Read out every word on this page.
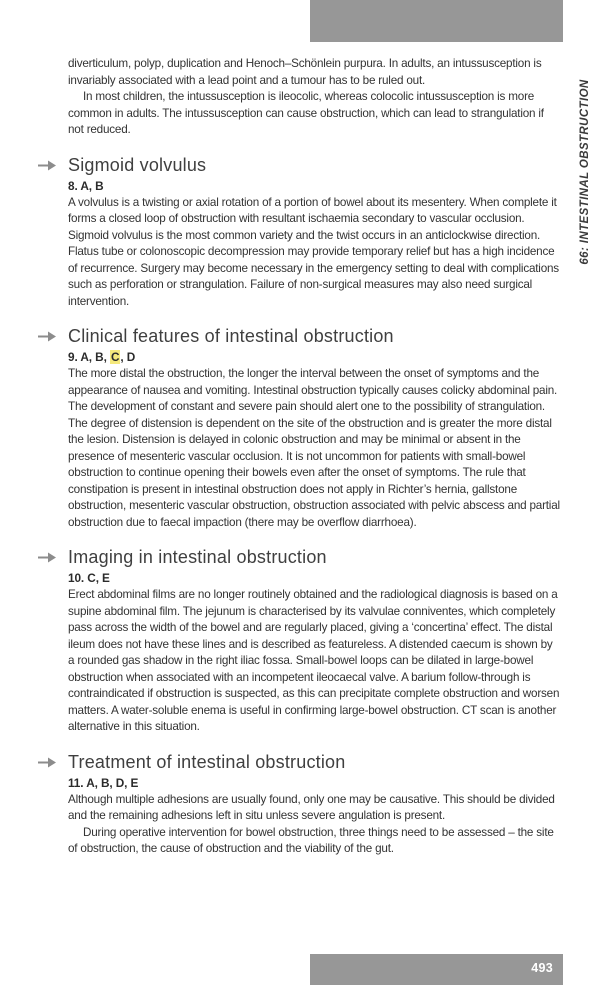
66: INTESTINAL OBSTRUCTION

diverticulum, polyp, duplication and Henoch–Schönlein purpura. In adults, an intussusception is invariably associated with a lead point and a tumour has to be ruled out.

In most children, the intussusception is ileocolic, whereas colocolic intussusception is more common in adults. The intussusception can cause obstruction, which can lead to strangulation if not reduced.

Sigmoid volvulus

8. A, B

A volvulus is a twisting or axial rotation of a portion of bowel about its mesentery. When complete it forms a closed loop of obstruction with resultant ischaemia secondary to vascular occlusion. Sigmoid volvulus is the most common variety and the twist occurs in an anticlockwise direction. Flatus tube or colonoscopic decompression may provide temporary relief but has a high incidence of recurrence. Surgery may become necessary in the emergency setting to deal with complications such as perforation or strangulation. Failure of non-surgical measures may also need surgical intervention.

Clinical features of intestinal obstruction

9. A, B, C, D

The more distal the obstruction, the longer the interval between the onset of symptoms and the appearance of nausea and vomiting. Intestinal obstruction typically causes colicky abdominal pain. The development of constant and severe pain should alert one to the possibility of strangulation. The degree of distension is dependent on the site of the obstruction and is greater the more distal the lesion. Distension is delayed in colonic obstruction and may be minimal or absent in the presence of mesenteric vascular occlusion. It is not uncommon for patients with small-bowel obstruction to continue opening their bowels even after the onset of symptoms. The rule that constipation is present in intestinal obstruction does not apply in Richter’s hernia, gallstone obstruction, mesenteric vascular obstruction, obstruction associated with pelvic abscess and partial obstruction due to faecal impaction (there may be overflow diarrhoea).

Imaging in intestinal obstruction

10. C, E

Erect abdominal films are no longer routinely obtained and the radiological diagnosis is based on a supine abdominal film. The jejunum is characterised by its valvulae conniventes, which completely pass across the width of the bowel and are regularly placed, giving a ‘concertina’ effect. The distal ileum does not have these lines and is described as featureless. A distended caecum is shown by a rounded gas shadow in the right iliac fossa. Small-bowel loops can be dilated in large-bowel obstruction when associated with an incompetent ileocaecal valve. A barium follow-through is contraindicated if obstruction is suspected, as this can precipitate complete obstruction and worsen matters. A water-soluble enema is useful in confirming large-bowel obstruction. CT scan is another alternative in this situation.

Treatment of intestinal obstruction

11. A, B, D, E

Although multiple adhesions are usually found, only one may be causative. This should be divided and the remaining adhesions left in situ unless severe angulation is present.

During operative intervention for bowel obstruction, three things need to be assessed – the site of obstruction, the cause of obstruction and the viability of the gut.

493
